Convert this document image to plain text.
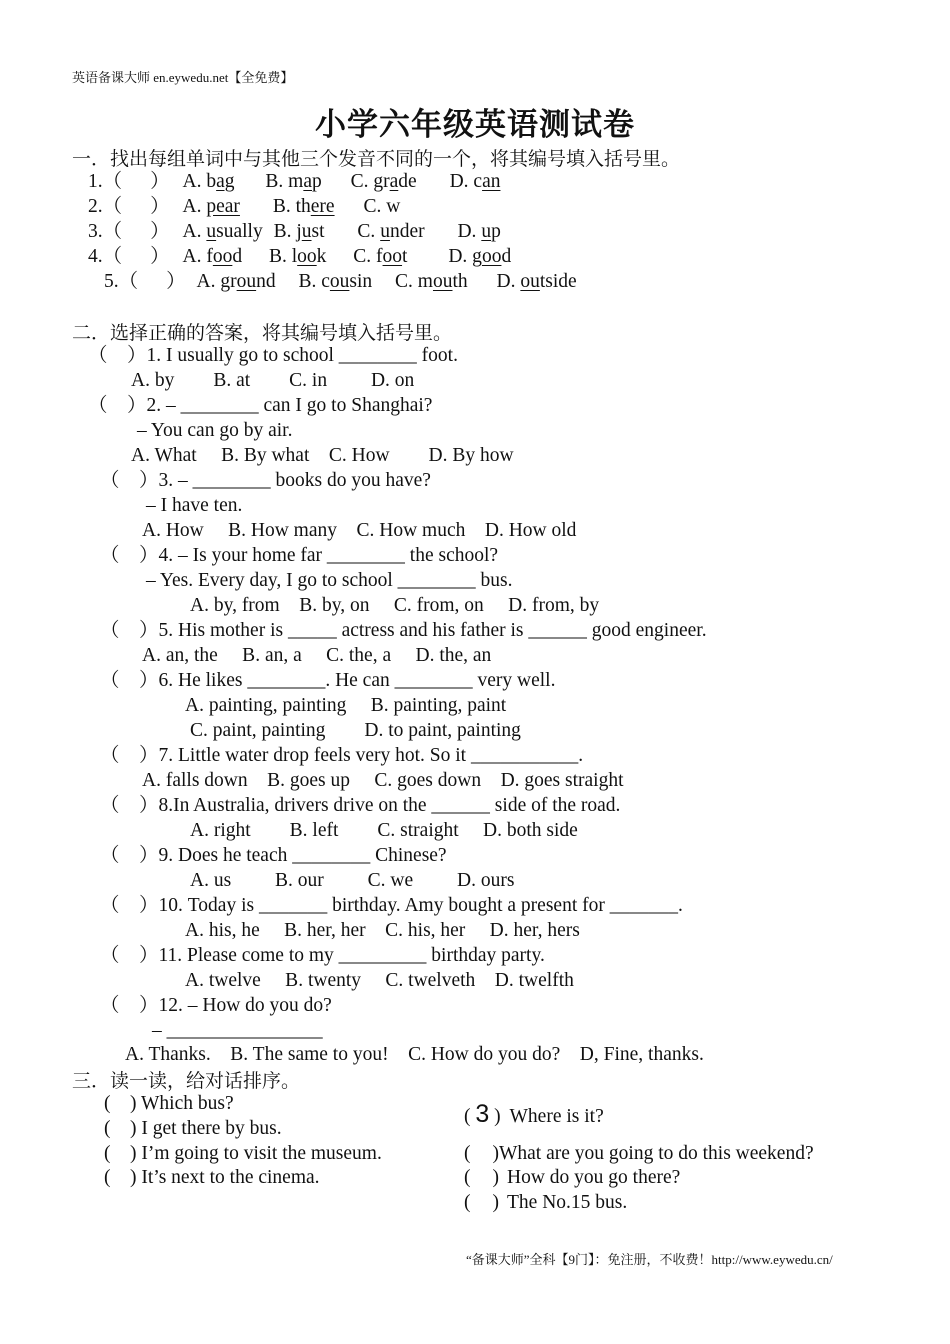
英语备课大师 en.eywedu.net【全免费】
小学六年级英语测试卷
一．找出每组单词中与其他三个发音不同的一个，将其编号填入括号里。
1.（ ） A. bag B. map C. grade D. can
2.（ ） A. pear B. there C. w
3.（ ） A. usually B. just C. under D. up
4.（ ） A. food B. look C. foot D. good
5.（ ） A. ground B. cousin C. mouth D. outside
二．选择正确的答案，将其编号填入括号里。
（　）1. I usually go to school ________ foot.
A. by　　B. at　　C. in　　 D. on
（　）2. – ________ can I go to Shanghai?
– You can go by air.
A. What　 B. By what　C. How　　D. By how
（　）3. – ________ books do you have?
– I have ten.
A. How　 B. How many　C. How much　D. How old
（　）4. – Is your home far ________ the school?
– Yes. Every day, I go to school ________ bus.
A. by, from　B. by, on　 C. from, on　 D. from, by
（　）5. His mother is _____ actress and his father is ______ good engineer.
A. an, the　 B. an, a　 C. the, a　 D. the, an
（　）6. He likes ________. He can ________ very well.
A. painting, painting　 B. painting, paint
C. paint, painting　　D. to paint, painting
（　）7. Little water drop feels very hot. So it ___________.
A. falls down　B. goes up　 C. goes down　D. goes straight
（　）8.In Australia, drivers drive on the ______ side of the road.
A. right　　B. left　　C. straight　 D. both side
（　）9. Does he teach ________ Chinese?
A. us　　 B. our　　 C. we　　 D. ours
（　）10. Today is _______ birthday. Amy bought a present for _______.
A. his, he　 B. her, her　C. his, her　 D. her, hers
（　）11. Please come to my _________ birthday party.
A. twelve　 B. twenty　 C. twelveth　D. twelfth
（　）12. – How do you do?
– ________________
A. Thanks.　B. The same to you!　C. How do you do?　D, Fine, thanks.
三．读一读，给对话排序。
(　) Which bus?
(　) I get there by bus.
(　) I’m going to visit the museum.
(　) It’s next to the cinema.
( 3 ) Where is it?
( )What are you going to do this weekend?
( ) How do you go there?
( ) The No.15 bus.
“备课大师”全科【9门】：免注册，不收费！http://www.eywedu.cn/
